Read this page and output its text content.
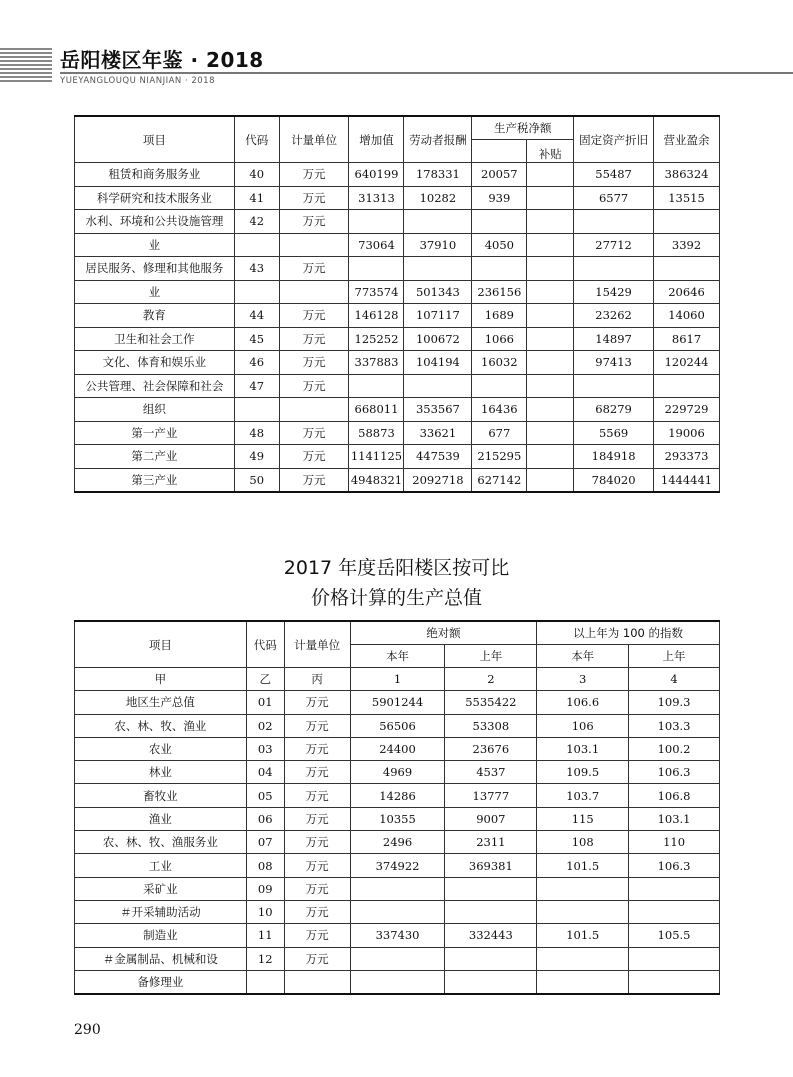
岳阳楼区年鉴 · 2018
YUEYANGLOUQU NIANJIAN · 2018
项目	代码	计量单位	增加值	劳动者报酬	生产税净额		固定资产折旧	营业盈余
						补贴		
租赁和商务服务业	40	万元	640199	178331	20057		55487	386324
科学研究和技术服务业	41	万元	31313	10282	939		6577	13515
水利、环境和公共设施管理	42	万元						
业			73064	37910	4050		27712	3392
居民服务、修理和其他服务	43	万元						
业			773574	501343	236156		15429	20646
教育	44	万元	146128	107117	1689		23262	14060
卫生和社会工作	45	万元	125252	100672	1066		14897	8617
文化、体育和娱乐业	46	万元	337883	104194	16032		97413	120244
公共管理、社会保障和社会	47	万元						
组织			668011	353567	16436		68279	229729
第一产业	48	万元	58873	33621	677		5569	19006
第二产业	49	万元	1141125	447539	215295		184918	293373
第三产业	50	万元	4948321	2092718	627142		784020	1444441
2017 年度岳阳楼区按可比
价格计算的生产总值
项目	代码	计量单位	绝对额		以上年为 100 的指数	
			本年	上年	本年	上年
甲	乙	丙	1	2	3	4
地区生产总值	01	万元	5901244	5535422	106.6	109.3
农、林、牧、渔业	02	万元	56506	53308	106	103.3
农业	03	万元	24400	23676	103.1	100.2
林业	04	万元	4969	4537	109.5	106.3
畜牧业	05	万元	14286	13777	103.7	106.8
渔业	06	万元	10355	9007	115	103.1
农、林、牧、渔服务业	07	万元	2496	2311	108	110
工业	08	万元	374922	369381	101.5	106.3
采矿业	09	万元				
＃开采辅助活动	10	万元				
制造业	11	万元	337430	332443	101.5	105.5
＃金属制品、机械和设	12	万元				
备修理业						
290
